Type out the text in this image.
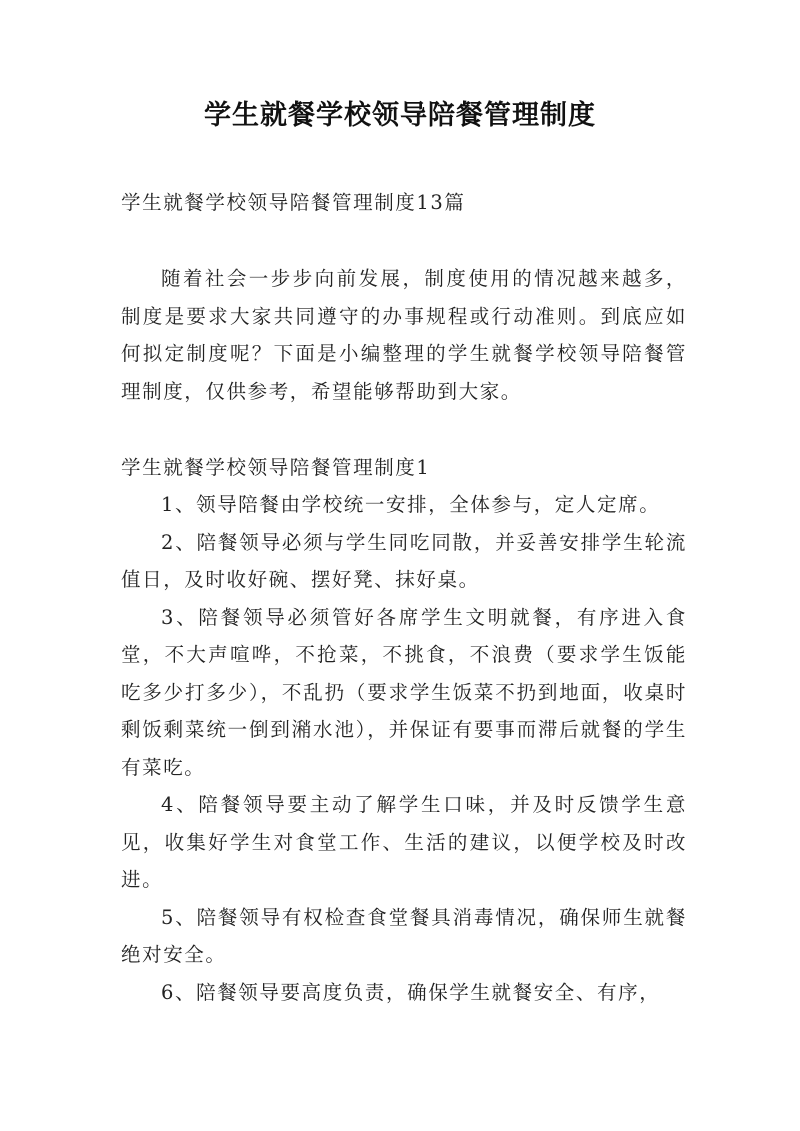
学生就餐学校领导陪餐管理制度

学生就餐学校领导陪餐管理制度13篇

随着社会一步步向前发展，制度使用的情况越来越多，制度是要求大家共同遵守的办事规程或行动准则。到底应如何拟定制度呢？下面是小编整理的学生就餐学校领导陪餐管理制度，仅供参考，希望能够帮助到大家。

学生就餐学校领导陪餐管理制度1

1、领导陪餐由学校统一安排，全体参与，定人定席。

2、陪餐领导必须与学生同吃同散，并妥善安排学生轮流值日，及时收好碗、摆好凳、抹好桌。

3、陪餐领导必须管好各席学生文明就餐，有序进入食堂，不大声喧哗，不抢菜，不挑食，不浪费（要求学生饭能吃多少打多少），不乱扔（要求学生饭菜不扔到地面，收桌时剩饭剩菜统一倒到潲水池），并保证有要事而滞后就餐的学生有菜吃。

4、陪餐领导要主动了解学生口味，并及时反馈学生意见，收集好学生对食堂工作、生活的建议，以便学校及时改进。

5、陪餐领导有权检查食堂餐具消毒情况，确保师生就餐绝对安全。

6、陪餐领导要高度负责，确保学生就餐安全、有序，
